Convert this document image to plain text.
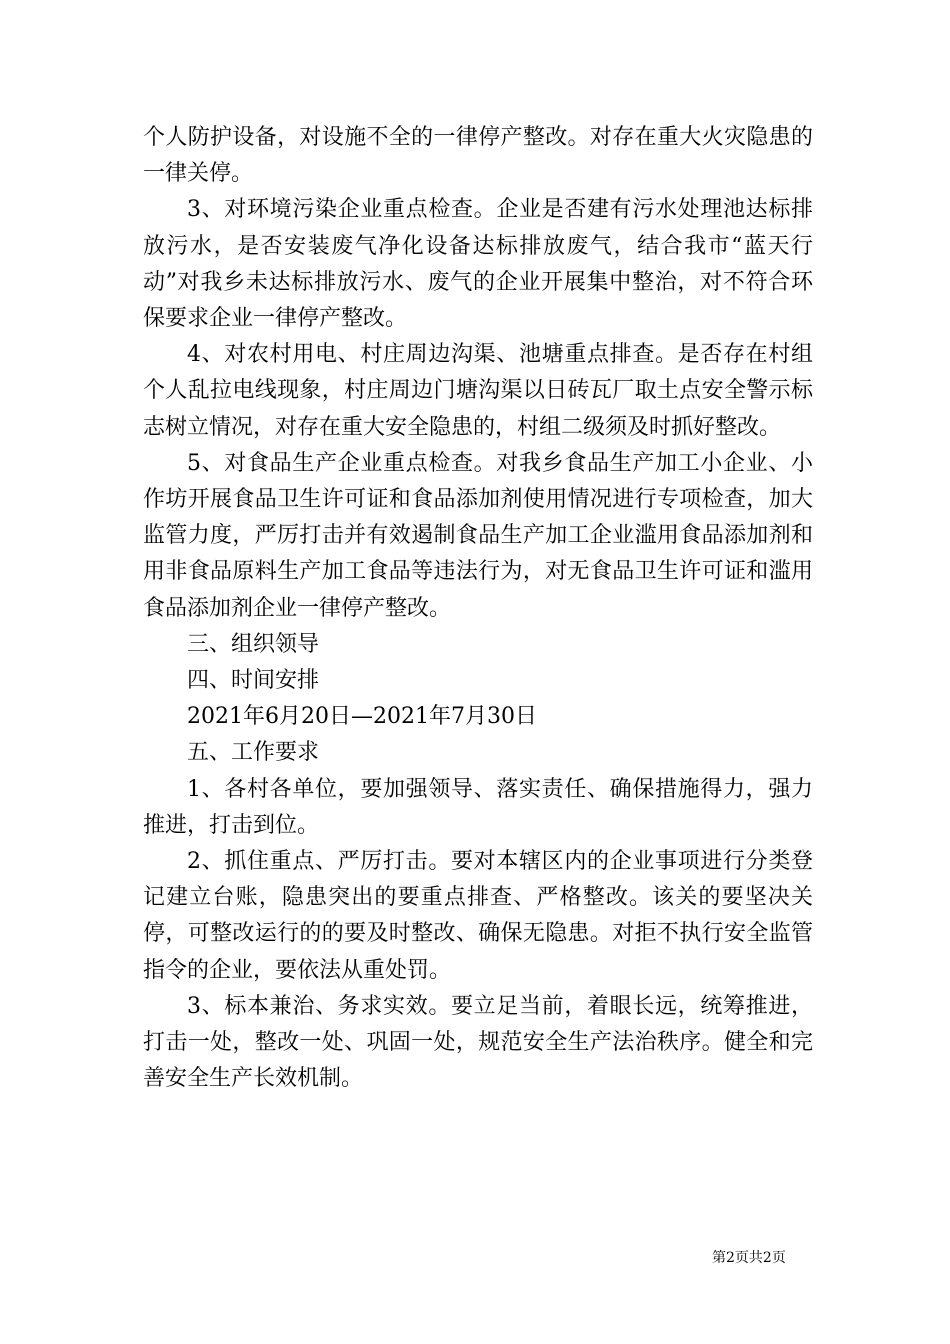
个人防护设备，对设施不全的一律停产整改。对存在重大火灾隐患的一律关停。

3、对环境污染企业重点检查。企业是否建有污水处理池达标排放污水，是否安装废气净化设备达标排放废气，结合我市“蓝天行动”对我乡未达标排放污水、废气的企业开展集中整治，对不符合环保要求企业一律停产整改。

4、对农村用电、村庄周边沟渠、池塘重点排查。是否存在村组个人乱拉电线现象，村庄周边门塘沟渠以日砖瓦厂取土点安全警示标志树立情况，对存在重大安全隐患的，村组二级须及时抓好整改。

5、对食品生产企业重点检查。对我乡食品生产加工小企业、小作坊开展食品卫生许可证和食品添加剂使用情况进行专项检查，加大监管力度，严厉打击并有效遏制食品生产加工企业滥用食品添加剂和用非食品原料生产加工食品等违法行为，对无食品卫生许可证和滥用食品添加剂企业一律停产整改。

三、组织领导

四、时间安排

2021年6月20日—2021年7月30日

五、工作要求

1、各村各单位，要加强领导、落实责任、确保措施得力，强力推进，打击到位。

2、抓住重点、严厉打击。要对本辖区内的企业事项进行分类登记建立台账，隐患突出的要重点排查、严格整改。该关的要坚决关停，可整改运行的的要及时整改、确保无隐患。对拒不执行安全监管指令的企业，要依法从重处罚。

3、标本兼治、务求实效。要立足当前，着眼长远，统筹推进，打击一处，整改一处、巩固一处，规范安全生产法治秩序。健全和完善安全生产长效机制。

第2页共2页
